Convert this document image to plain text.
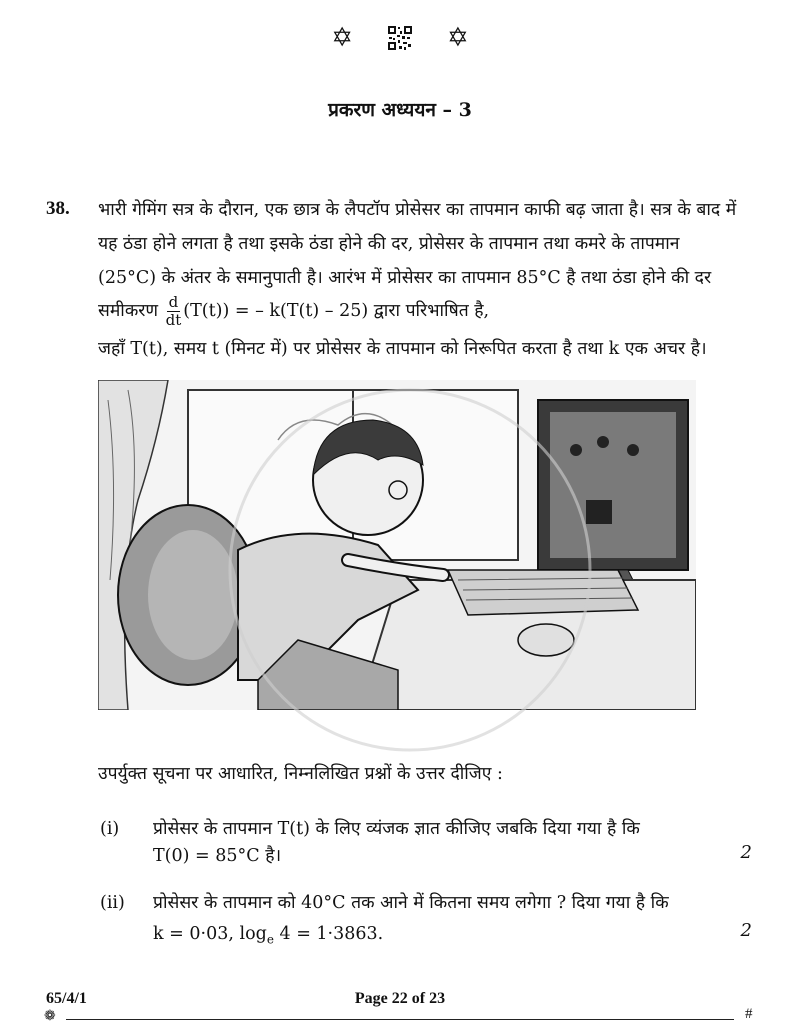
✡	✡
प्रकरण अध्ययन – 3
38. भारी गेमिंग सत्र के दौरान, एक छात्र के लैपटॉप प्रोसेसर का तापमान काफी बढ़ जाता है। सत्र के बाद में
यह ठंडा होने लगता है तथा इसके ठंडा होने की दर, प्रोसेसर के तापमान तथा कमरे के तापमान
(25°C) के अंतर के समानुपाती है। आरंभ में प्रोसेसर का तापमान 85°C है तथा ठंडा होने की दर
समीकरण $\frac{d}{dt} (T(t))$ = – k(T(t) – 25) द्वारा परिभाषित है,
जहाँ T(t), समय t (मिनट में) पर प्रोसेसर के तापमान को निरूपित करता है तथा k एक अचर है।
उपर्युक्त सूचना पर आधारित, निम्नलिखित प्रश्नों के उत्तर दीजिए :
(i) प्रोसेसर के तापमान T(t) के लिए व्यंजक ज्ञात कीजिए जबकि दिया गया है कि
T(0) = 85°C है।	2
(ii) प्रोसेसर के तापमान को 40°C तक आने में कितना समय लगेगा ? दिया गया है कि
k = 0·03, $\log_e 4 = 1\cdot 3863$.	2
65/4/1	Page 22 of 23
❁	#
